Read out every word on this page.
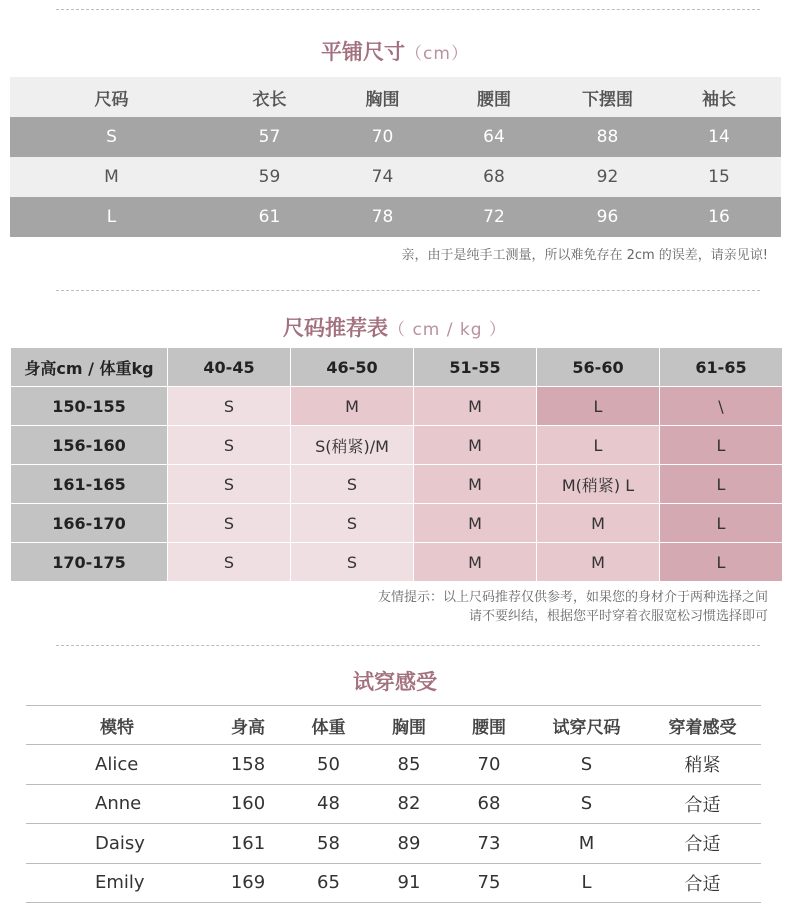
平铺尺寸（cm）
尺码	衣长	胸围	腰围	下摆围	袖长
S	57	70	64	88	14
M	59	74	68	92	15
L	61	78	72	96	16
亲，由于是纯手工测量，所以难免存在 2cm 的误差，请亲见谅!
尺码推荐表（ cm / kg ）
身高cm / 体重kg	40-45	46-50	51-55	56-60	61-65
150-155	S	M	M	L	\
156-160	S	S(稍紧)/M	M	L	L
161-165	S	S	M	M(稍紧) L	L
166-170	S	S	M	M	L
170-175	S	S	M	M	L
友情提示：以上尺码推荐仅供参考，如果您的身材介于两种选择之间
请不要纠结，根据您平时穿着衣服宽松习惯选择即可
试穿感受
模特	身高	体重	胸围	腰围	试穿尺码	穿着感受
Alice	158	50	85	70	S	稍紧
Anne	160	48	82	68	S	合适
Daisy	161	58	89	73	M	合适
Emily	169	65	91	75	L	合适
